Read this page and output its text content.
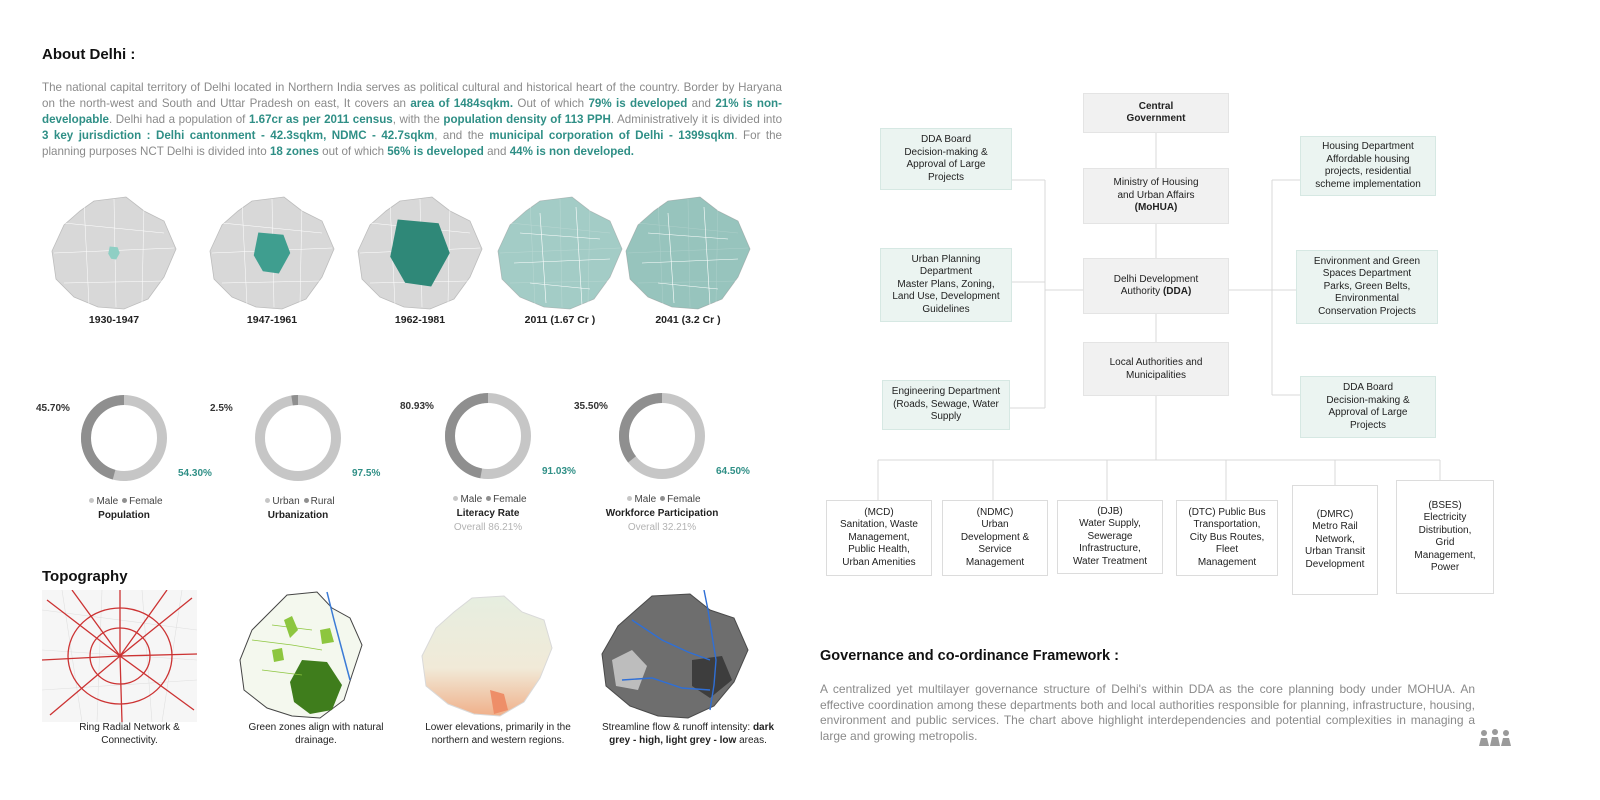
About Delhi :
The national capital territory of Delhi located in Northern India serves as political cultural and historical heart of the country. Border by Haryana on the north-west and South and Uttar Pradesh on east, It covers an area of 1484sqkm. Out of which 79% is developed and 21% is non-developable. Delhi had a population of 1.67cr as per 2011 census, with the population density of 113 PPH. Administratively it is divided into 3 key jurisdiction : Delhi cantonment - 42.3sqkm, NDMC - 42.7sqkm, and the municipal corporation of Delhi - 1399sqkm. For the planning purposes NCT Delhi is divided into 18 zones out of which 56% is developed and 44% is non developed.
1930-1947	1947-1961	1962-1981	2011 (1.67 Cr )	2041 (3.2 Cr )
45.70%
54.30%
Male Female
Population
2.5%
97.5%
Urban Rural
Urbanization
80.93%
91.03%
Male Female
Literacy Rate
Overall 86.21%
35.50%
64.50%
Male Female
Workforce Participation
Overall 32.21%
Topography
Ring Radial Network & Connectivity.
Green zones align with natural drainage.
Lower elevations, primarily in the northern and western regions.
Streamline flow & runoff intensity: dark grey - high, light grey - low areas.
Central
Government
Ministry of Housing
and Urban Affairs
(MoHUA)
Delhi Development
Authority (DDA)
Local Authorities and
Municipalities
DDA Board
Decision-making &
Approval of Large
Projects
Urban Planning
Department
Master Plans, Zoning,
Land Use, Development
Guidelines
Engineering Department
(Roads, Sewage, Water
Supply
Housing Department
Affordable housing
projects, residential
scheme implementation
Environment and Green
Spaces Department
Parks, Green Belts,
Environmental
Conservation Projects
DDA Board
Decision-making &
Approval of Large
Projects
(MCD)
Sanitation, Waste
Management,
Public Health,
Urban Amenities
(NDMC)
Urban
Development &
Service
Management
(DJB)
Water Supply,
Sewerage
Infrastructure,
Water Treatment
(DTC) Public Bus
Transportation,
City Bus Routes,
Fleet
Management
(DMRC)
Metro Rail
Network,
Urban Transit
Development
(BSES)
Electricity
Distribution,
Grid
Management,
Power
Governance and co-ordinance Framework :
A centralized yet multilayer governance structure of Delhi's within DDA as the core planning body under MOHUA. An effective coordination among these departments both and local authorities responsible for planning, infrastructure, housing, environment and public services. The chart above highlight interdependencies and potential complexities in managing a large and growing metropolis.
